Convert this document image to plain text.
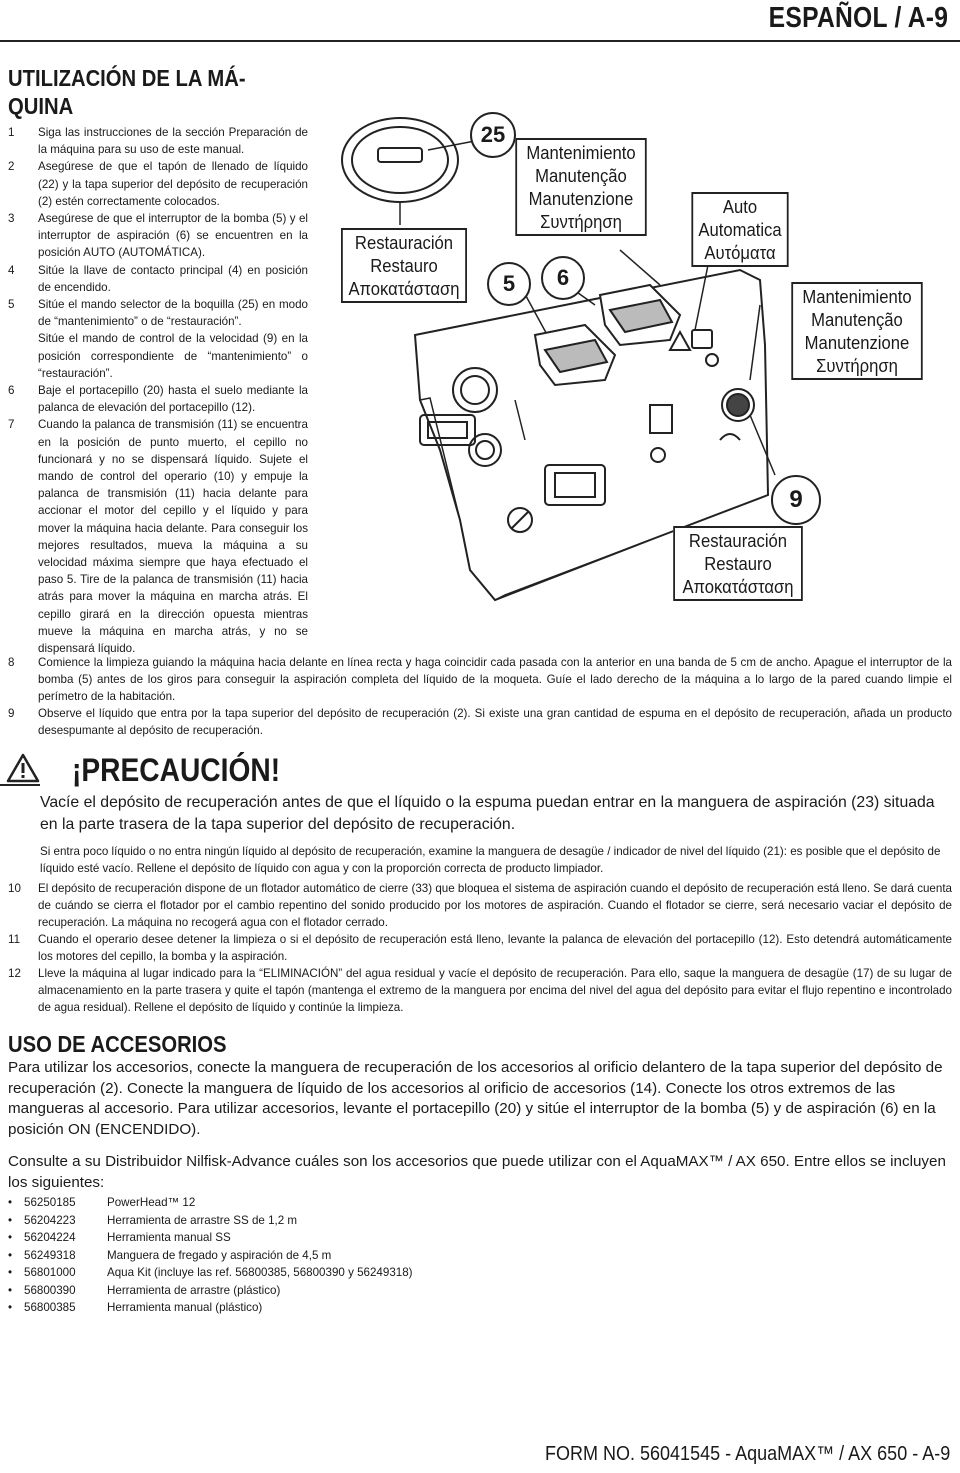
ESPAÑOL / A-9
UTILIZACIÓN DE LA MÁ-
QUINA
1	Siga las instrucciones de la sección Preparación de la máquina para su uso de este manual.
2	Asegúrese de que el tapón de llenado de líquido (22) y la tapa superior del depósito de recuperación (2) estén correctamente colocados.
3	Asegúrese de que el interruptor de la bomba (5) y el interruptor de aspiración (6) se encuentren en la posición AUTO (AUTOMÁTICA).
4	Sitúe la llave de contacto principal (4) en posición de encendido.
5	Sitúe el mando selector de la boquilla (25) en modo de “mantenimiento” o de “restauración”.
Sitúe el mando de control de la velocidad (9) en la posición correspondiente de “mantenimiento” o “restauración”.
6	Baje el portacepillo (20) hasta el suelo mediante la palanca de elevación del portacepillo (12).
7	Cuando la palanca de transmisión (11) se encuentra en la posición de punto muerto, el cepillo no funcionará y no se dispensará líquido. Sujete el mando de control del operario (10) y empuje la palanca de transmisión (11) hacia delante para accionar el motor del cepillo y el líquido y para mover la máquina hacia delante. Para conseguir los mejores resultados, mueva la máquina a su velocidad máxima siempre que haya efectuado el paso 5. Tire de la palanca de transmisión (11) hacia atrás para mover la máquina en marcha atrás. El cepillo girará en la dirección opuesta mientras mueve la máquina en marcha atrás, y no se dispensará líquido.
25
5	6
9
Mantenimiento
Manutenção
Manutenzione
Συντήρηση
Restauración
Restauro
Αποκατάσταση
Auto
Automatica
Αυτόματα
Mantenimiento
Manutenção
Manutenzione
Συντήρηση
Restauración
Restauro
Αποκατάσταση
8	Comience la limpieza guiando la máquina hacia delante en línea recta y haga coincidir cada pasada con la anterior en una banda de 5 cm de ancho. Apague el interruptor de la bomba (5) antes de los giros para conseguir la aspiración completa del líquido de la moqueta. Guíe el lado derecho de la máquina a lo largo de la pared cuando limpie el perímetro de la habitación.
9	Observe el líquido que entra por la tapa superior del depósito de recuperación (2). Si existe una gran cantidad de espuma en el depósito de recuperación, añada un producto desespumante al depósito de recuperación.
¡PRECAUCIÓN!
Vacíe el depósito de recuperación antes de que el líquido o la espuma puedan entrar en la manguera de aspiración (23) situada en la parte trasera de la tapa superior del depósito de recuperación.
Si entra poco líquido o no entra ningún líquido al depósito de recuperación, examine la manguera de desagüe / indicador de nivel del líquido (21): es posible que el depósito de líquido esté vacío. Rellene el depósito de líquido con agua y con la proporción correcta de producto limpiador.
10	El depósito de recuperación dispone de un flotador automático de cierre (33) que bloquea el sistema de aspiración cuando el depósito de recuperación está lleno. Se dará cuenta de cuándo se cierra el flotador por el cambio repentino del sonido producido por los motores de aspiración. Cuando el flotador se cierre, será necesario vaciar el depósito de recuperación. La máquina no recogerá agua con el flotador cerrado.
11	Cuando el operario desee detener la limpieza o si el depósito de recuperación está lleno, levante la palanca de elevación del portacepillo (12). Esto detendrá automáticamente los motores del cepillo, la bomba y la aspiración.
12	Lleve la máquina al lugar indicado para la “ELIMINACIÓN” del agua residual y vacíe el depósito de recuperación. Para ello, saque la manguera de desagüe (17) de su lugar de almacenamiento en la parte trasera y quite el tapón (mantenga el extremo de la manguera por encima del nivel del agua del depósito para evitar el flujo repentino e incontrolado de agua residual). Rellene el depósito de líquido y continúe la limpieza.
USO DE ACCESORIOS
Para utilizar los accesorios, conecte la manguera de recuperación de los accesorios al orificio delantero de la tapa superior del depósito de recuperación (2). Conecte la manguera de líquido de los accesorios al orificio de accesorios (14). Conecte los otros extremos de las mangueras al accesorio. Para utilizar accesorios, levante el portacepillo (20) y sitúe el interruptor de la bomba (5) y de aspiración (6) en la posición ON (ENCENDIDO).
Consulte a su Distribuidor Nilfisk-Advance cuáles son los accesorios que puede utilizar con el AquaMAX™ / AX 650. Entre ellos se incluyen los siguientes:
•	56250185	PowerHead™ 12
•	56204223	Herramienta de arrastre SS de 1,2 m
•	56204224	Herramienta manual SS
•	56249318	Manguera de fregado y aspiración de 4,5 m
•	56801000	Aqua Kit (incluye las ref. 56800385, 56800390 y 56249318)
•	56800390	Herramienta de arrastre (plástico)
•	56800385	Herramienta manual (plástico)
FORM NO. 56041545 - AquaMAX™ / AX 650 - A-9
